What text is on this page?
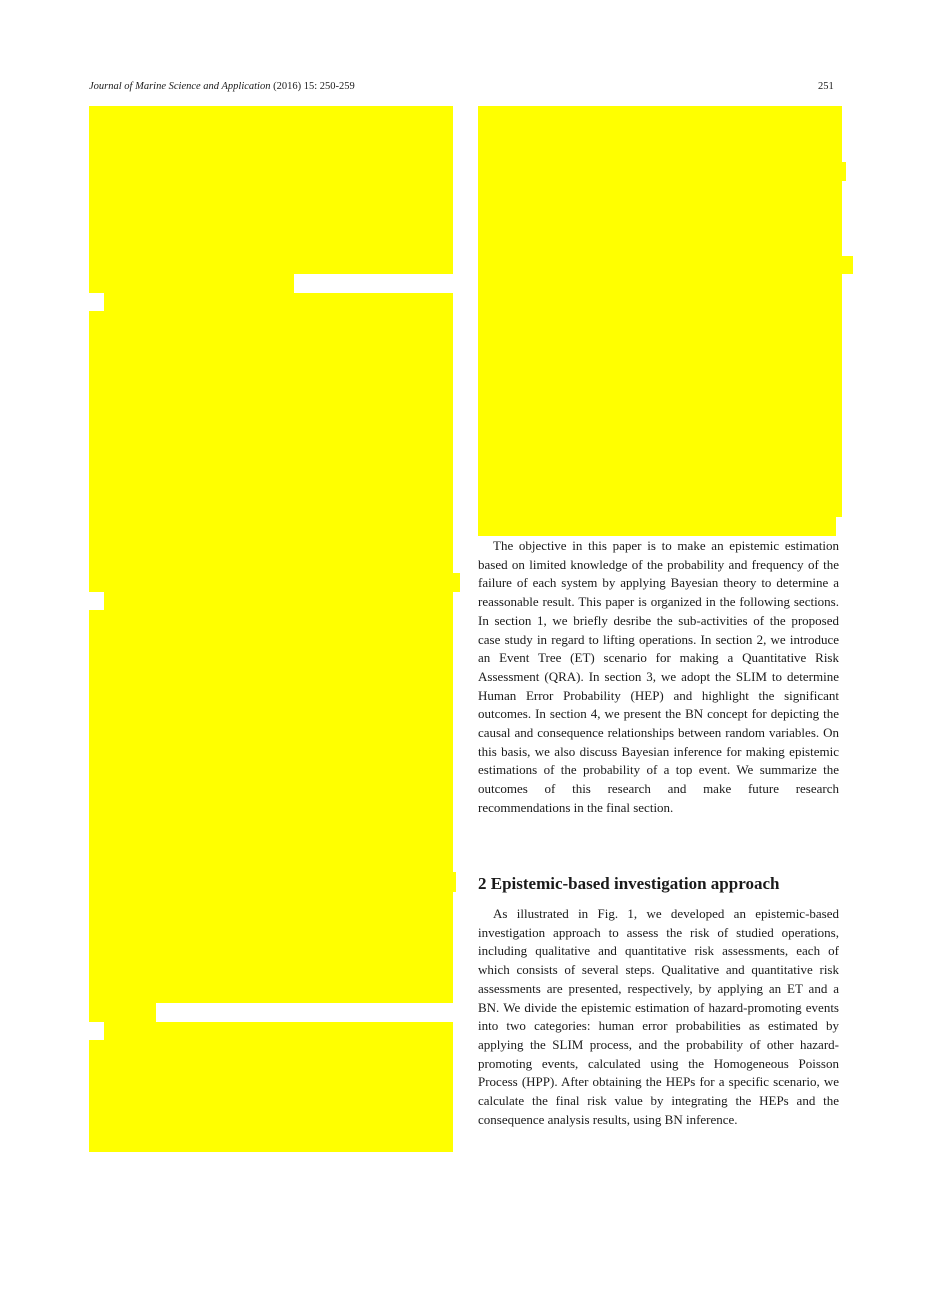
Journal of Marine Science and Application (2016) 15: 250-259	251

The objective in this paper is to make an epistemic estimation based on limited knowledge of the probability and frequency of the failure of each system by applying Bayesian theory to determine a reassonable result. This paper is organized in the following sections. In section 1, we briefly desribe the sub-activities of the proposed case study in regard to lifting operations. In section 2, we introduce an Event Tree (ET) scenario for making a Quantitative Risk Assessment (QRA). In section 3, we adopt the SLIM to determine Human Error Probability (HEP) and highlight the significant outcomes. In section 4, we present the BN concept for depicting the causal and consequence relationships between random variables. On this basis, we also discuss Bayesian inference for making epistemic estimations of the probability of a top event. We summarize the outcomes of this research and make future research recommendations in the final section.

2 Epistemic-based investigation approach

As illustrated in Fig. 1, we developed an epistemic-based investigation approach to assess the risk of studied operations, including qualitative and quantitative risk assessments, each of which consists of several steps. Qualitative and quantitative risk assessments are presented, respectively, by applying an ET and a BN. We divide the epistemic estimation of hazard-promoting events into two categories: human error probabilities as estimated by applying the SLIM process, and the probability of other hazard-promoting events, calculated using the Homogeneous Poisson Process (HPP). After obtaining the HEPs for a specific scenario, we calculate the final risk value by integrating the HEPs and the consequence analysis results, using BN inference.
